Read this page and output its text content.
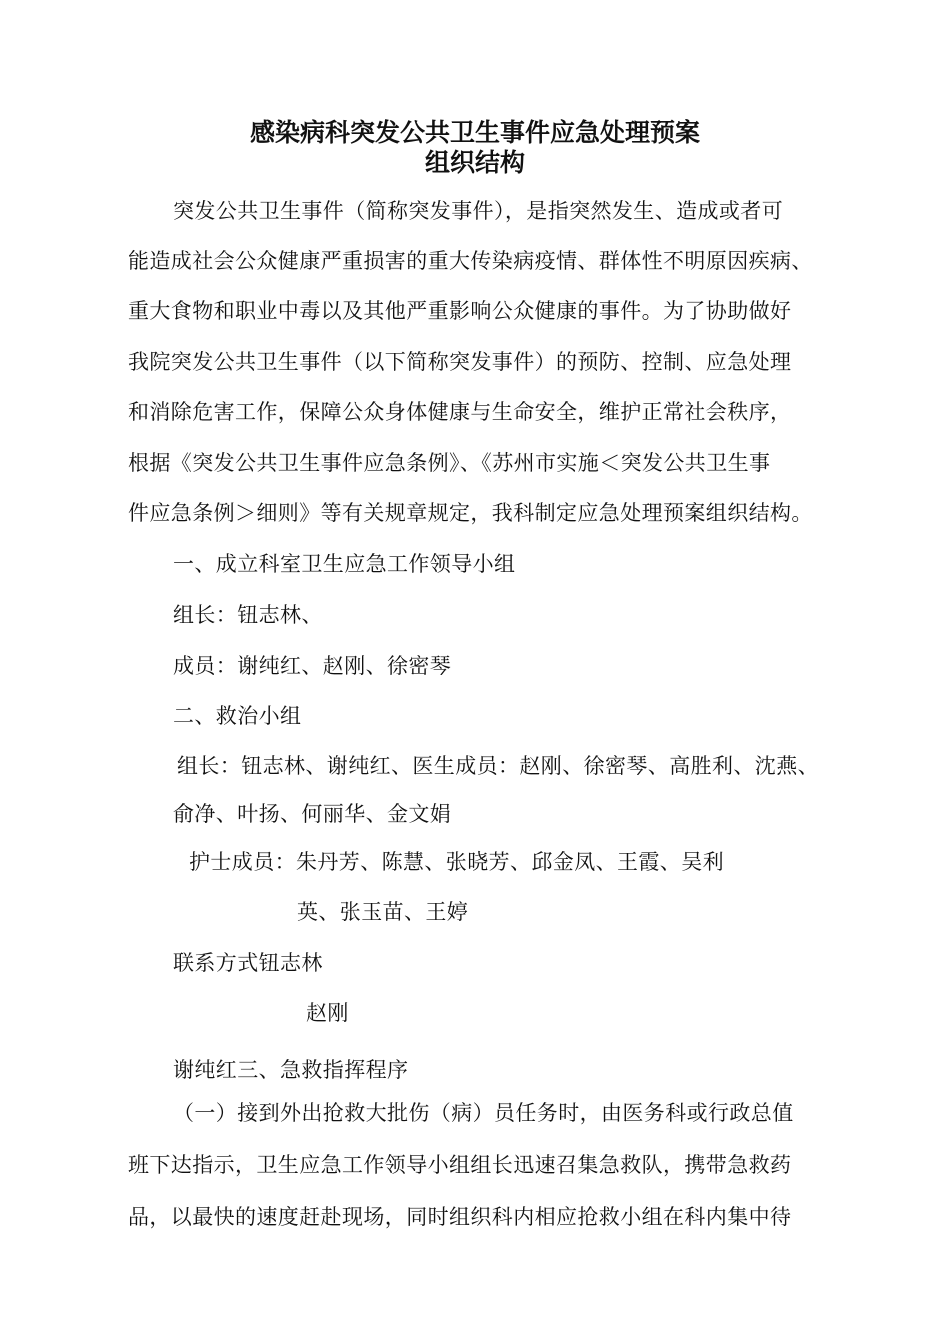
感染病科突发公共卫生事件应急处理预案
组织结构
突发公共卫生事件（简称突发事件），是指突然发生、造成或者可
能造成社会公众健康严重损害的重大传染病疫情、群体性不明原因疾病、
重大食物和职业中毒以及其他严重影响公众健康的事件。为了协助做好
我院突发公共卫生事件（以下简称突发事件）的预防、控制、应急处理
和消除危害工作，保障公众身体健康与生命安全，维护正常社会秩序，
根据《突发公共卫生事件应急条例》、《苏州市实施＜突发公共卫生事
件应急条例＞细则》等有关规章规定，我科制定应急处理预案组织结构。
一、成立科室卫生应急工作领导小组
组长：钮志林、
成员：谢纯红、赵刚、徐密琴
二、救治小组
组长：钮志林、谢纯红、医生成员：赵刚、徐密琴、高胜利、沈燕、
俞净、叶扬、何丽华、金文娟
护士成员：朱丹芳、陈慧、张晓芳、邱金凤、王霞、吴利
英、张玉苗、王婷
联系方式钮志林
赵刚
谢纯红三、急救指挥程序
（一）接到外出抢救大批伤（病）员任务时，由医务科或行政总值
班下达指示，卫生应急工作领导小组组长迅速召集急救队，携带急救药
品，以最快的速度赶赴现场，同时组织科内相应抢救小组在科内集中待
